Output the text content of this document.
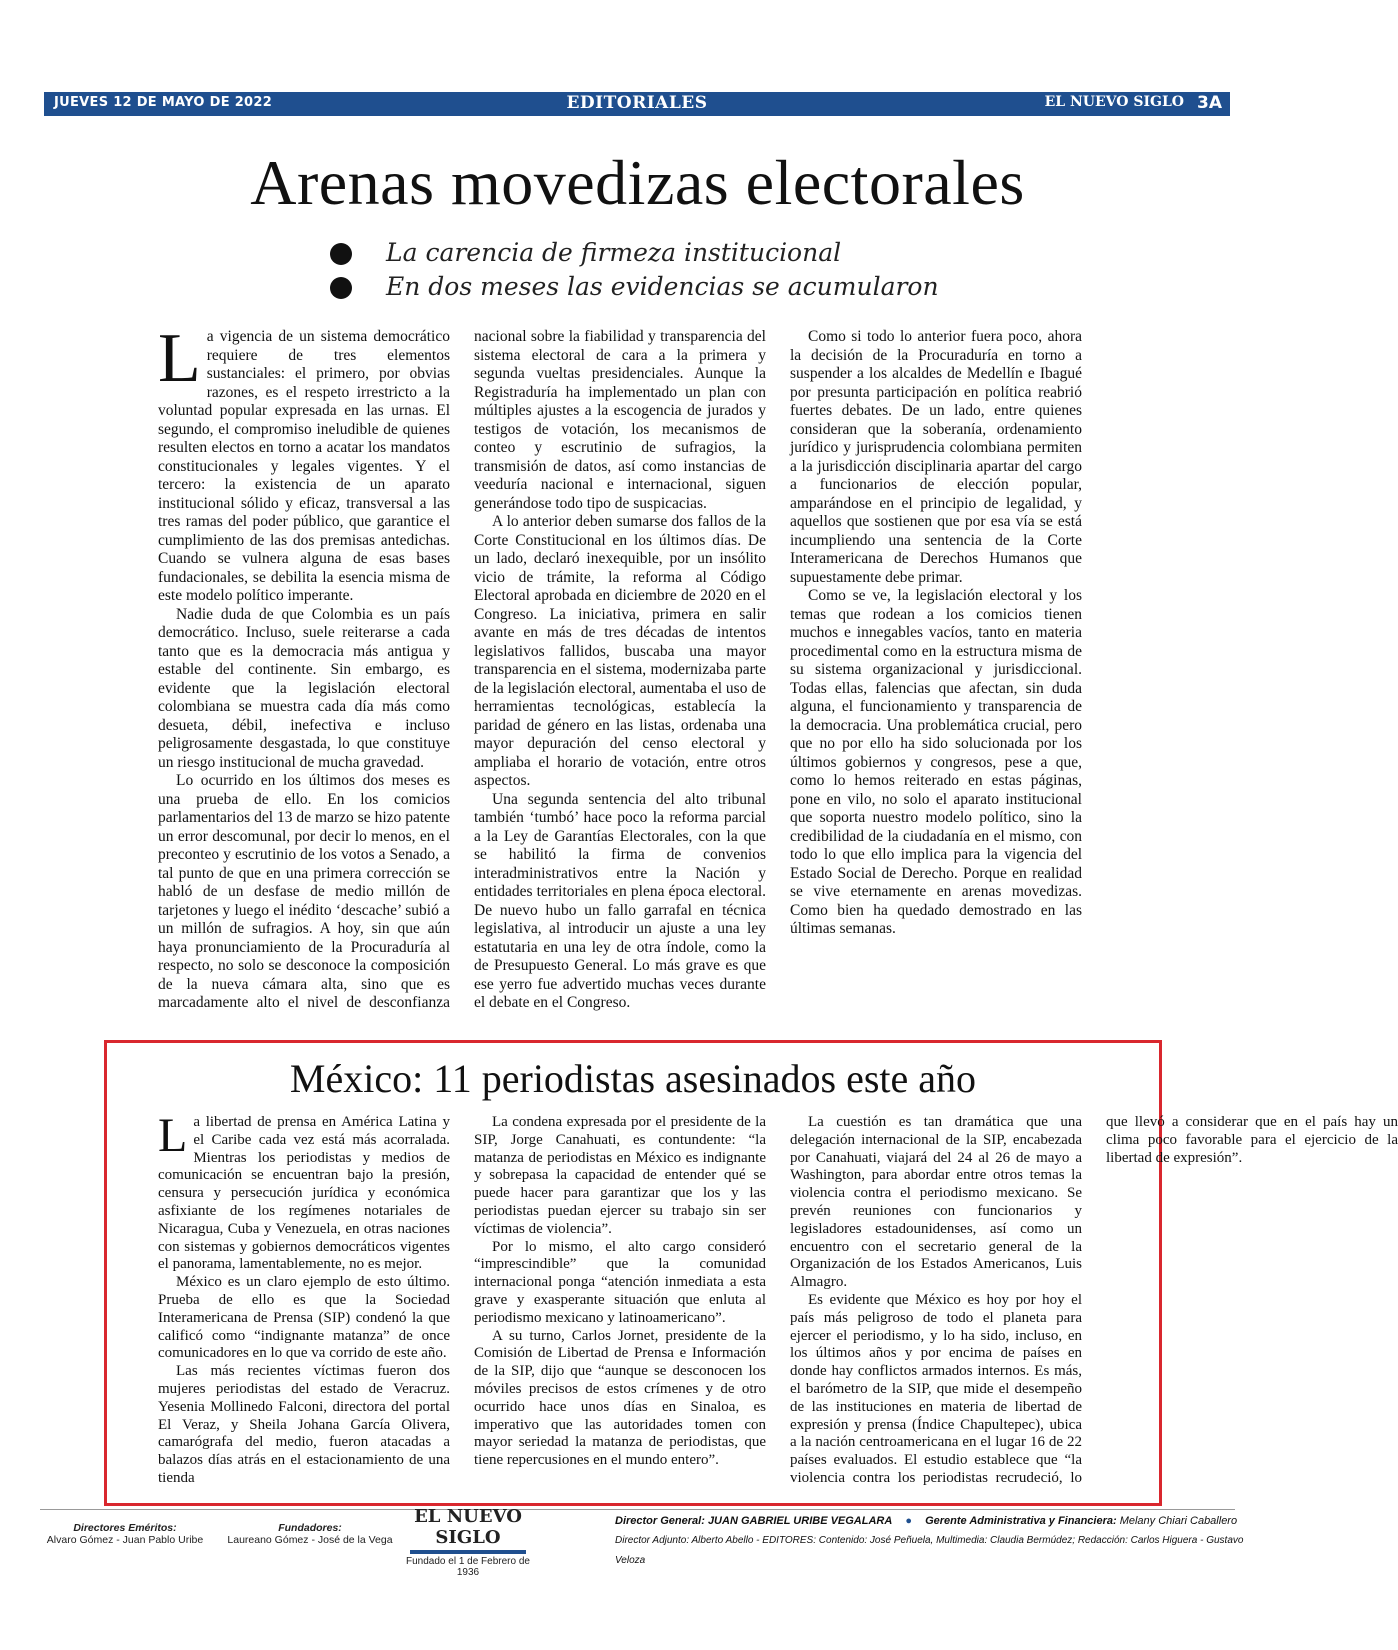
JUEVES 12 DE MAYO DE 2022	EDITORIALES	EL NUEVO SIGLO 3A
Arenas movedizas electorales
La carencia de firmeza institucional
En dos meses las evidencias se acumularon

La vigencia de un sistema democrático requiere de tres elementos sustanciales: el primero, por obvias razones, es el respeto irrestricto a la voluntad popular expresada en las urnas. El segundo, el compromiso ineludible de quienes resulten electos en torno a acatar los mandatos constitucionales y legales vigentes. Y el tercero: la existencia de un aparato institucional sólido y eficaz, transversal a las tres ramas del poder público, que garantice el cumplimiento de las dos premisas antedichas. Cuando se vulnera alguna de esas bases fundacionales, se debilita la esencia misma de este modelo político imperante.

Nadie duda de que Colombia es un país democrático. Incluso, suele reiterarse a cada tanto que es la democracia más antigua y estable del continente. Sin embargo, es evidente que la legislación electoral colombiana se muestra cada día más como desueta, débil, inefectiva e incluso peligrosamente desgastada, lo que constituye un riesgo institucional de mucha gravedad.

Lo ocurrido en los últimos dos meses es una prueba de ello. En los comicios parlamentarios del 13 de marzo se hizo patente un error descomunal, por decir lo menos, en el preconteo y escrutinio de los votos a Senado, a tal punto de que en una primera corrección se habló de un desfase de medio millón de tarjetones y luego el inédito ‘descache’ subió a un millón de sufragios. A hoy, sin que aún haya pronunciamiento de la Procuraduría al respecto, no solo se desconoce la composición de la nueva cámara alta, sino que es marcadamente alto el nivel de desconfianza nacional sobre la fiabilidad y transparencia del sistema electoral de cara a la primera y segunda vueltas presidenciales. Aunque la Registraduría ha implementado un plan con múltiples ajustes a la escogencia de jurados y testigos de votación, los mecanismos de conteo y escrutinio de sufragios, la transmisión de datos, así como instancias de veeduría nacional e internacional, siguen generándose todo tipo de suspicacias.

A lo anterior deben sumarse dos fallos de la Corte Constitucional en los últimos días. De un lado, declaró inexequible, por un insólito vicio de trámite, la reforma al Código Electoral aprobada en diciembre de 2020 en el Congreso. La iniciativa, primera en salir avante en más de tres décadas de intentos legislativos fallidos, buscaba una mayor transparencia en el sistema, modernizaba parte de la legislación electoral, aumentaba el uso de herramientas tecnológicas, establecía la paridad de género en las listas, ordenaba una mayor depuración del censo electoral y ampliaba el horario de votación, entre otros aspectos.

Una segunda sentencia del alto tribunal también ‘tumbó’ hace poco la reforma parcial a la Ley de Garantías Electorales, con la que se habilitó la firma de convenios interadministrativos entre la Nación y entidades territoriales en plena época electoral. De nuevo hubo un fallo garrafal en técnica legislativa, al introducir un ajuste a una ley estatutaria en una ley de otra índole, como la de Presupuesto General. Lo más grave es que ese yerro fue advertido muchas veces durante el debate en el Congreso.

Como si todo lo anterior fuera poco, ahora la decisión de la Procuraduría en torno a suspender a los alcaldes de Medellín e Ibagué por presunta participación en política reabrió fuertes debates. De un lado, entre quienes consideran que la soberanía, ordenamiento jurídico y jurisprudencia colombiana permiten a la jurisdicción disciplinaria apartar del cargo a funcionarios de elección popular, amparándose en el principio de legalidad, y aquellos que sostienen que por esa vía se está incumpliendo una sentencia de la Corte Interamericana de Derechos Humanos que supuestamente debe primar.

Como se ve, la legislación electoral y los temas que rodean a los comicios tienen muchos e innegables vacíos, tanto en materia procedimental como en la estructura misma de su sistema organizacional y jurisdiccional. Todas ellas, falencias que afectan, sin duda alguna, el funcionamiento y transparencia de la democracia. Una problemática crucial, pero que no por ello ha sido solucionada por los últimos gobiernos y congresos, pese a que, como lo hemos reiterado en estas páginas, pone en vilo, no solo el aparato institucional que soporta nuestro modelo político, sino la credibilidad de la ciudadanía en el mismo, con todo lo que ello implica para la vigencia del Estado Social de Derecho. Porque en realidad se vive eternamente en arenas movedizas. Como bien ha quedado demostrado en las últimas semanas.

México: 11 periodistas asesinados este año

La libertad de prensa en América Latina y el Caribe cada vez está más acorralada. Mientras los periodistas y medios de comunicación se encuentran bajo la presión, censura y persecución jurídica y económica asfixiante de los regímenes notariales de Nicaragua, Cuba y Venezuela, en otras naciones con sistemas y gobiernos democráticos vigentes el panorama, lamentablemente, no es mejor.

México es un claro ejemplo de esto último. Prueba de ello es que la Sociedad Interamericana de Prensa (SIP) condenó la que calificó como “indignante matanza” de once comunicadores en lo que va corrido de este año.

Las más recientes víctimas fueron dos mujeres periodistas del estado de Veracruz. Yesenia Mollinedo Falconi, directora del portal El Veraz, y Sheila Johana García Olivera, camarógrafa del medio, fueron atacadas a balazos días atrás en el estacionamiento de una tienda

La condena expresada por el presidente de la SIP, Jorge Canahuati, es contundente: “la matanza de periodistas en México es indignante y sobrepasa la capacidad de entender qué se puede hacer para garantizar que los y las periodistas puedan ejercer su trabajo sin ser víctimas de violencia”.

Por lo mismo, el alto cargo consideró “imprescindible” que la comunidad internacional ponga “atención inmediata a esta grave y exasperante situación que enluta al periodismo mexicano y latinoamericano”.

A su turno, Carlos Jornet, presidente de la Comisión de Libertad de Prensa e Información de la SIP, dijo que “aunque se desconocen los móviles precisos de estos crímenes y de otro ocurrido hace unos días en Sinaloa, es imperativo que las autoridades tomen con mayor seriedad la matanza de periodistas, que tiene repercusiones en el mundo entero”.

La cuestión es tan dramática que una delegación internacional de la SIP, encabezada por Canahuati, viajará del 24 al 26 de mayo a Washington, para abordar entre otros temas la violencia contra el periodismo mexicano. Se prevén reuniones con funcionarios y legisladores estadounidenses, así como un encuentro con el secretario general de la Organización de los Estados Americanos, Luis Almagro.

Es evidente que México es hoy por hoy el país más peligroso de todo el planeta para ejercer el periodismo, y lo ha sido, incluso, en los últimos años y por encima de países en donde hay conflictos armados internos. Es más, el barómetro de la SIP, que mide el desempeño de las instituciones en materia de libertad de expresión y prensa (Índice Chapultepec), ubica a la nación centroamericana en el lugar 16 de 22 países evaluados. El estudio establece que “la violencia contra los periodistas recrudeció, lo que llevó a considerar que en el país hay un clima poco favorable para el ejercicio de la libertad de expresión”.

Directores Eméritos:
Alvaro Gómez - Juan Pablo Uribe
Fundadores:
Laureano Gómez - José de la Vega
EL NUEVO SIGLO
Fundado el 1 de Febrero de 1936
Director General: JUAN GABRIEL URIBE VEGALARA ● Gerente Administrativa y Financiera: Melany Chiari Caballero
Director Adjunto: Alberto Abello - EDITORES: Contenido: José Peñuela, Multimedia: Claudia Bermúdez; Redacción: Carlos Higuera - Gustavo Veloza
